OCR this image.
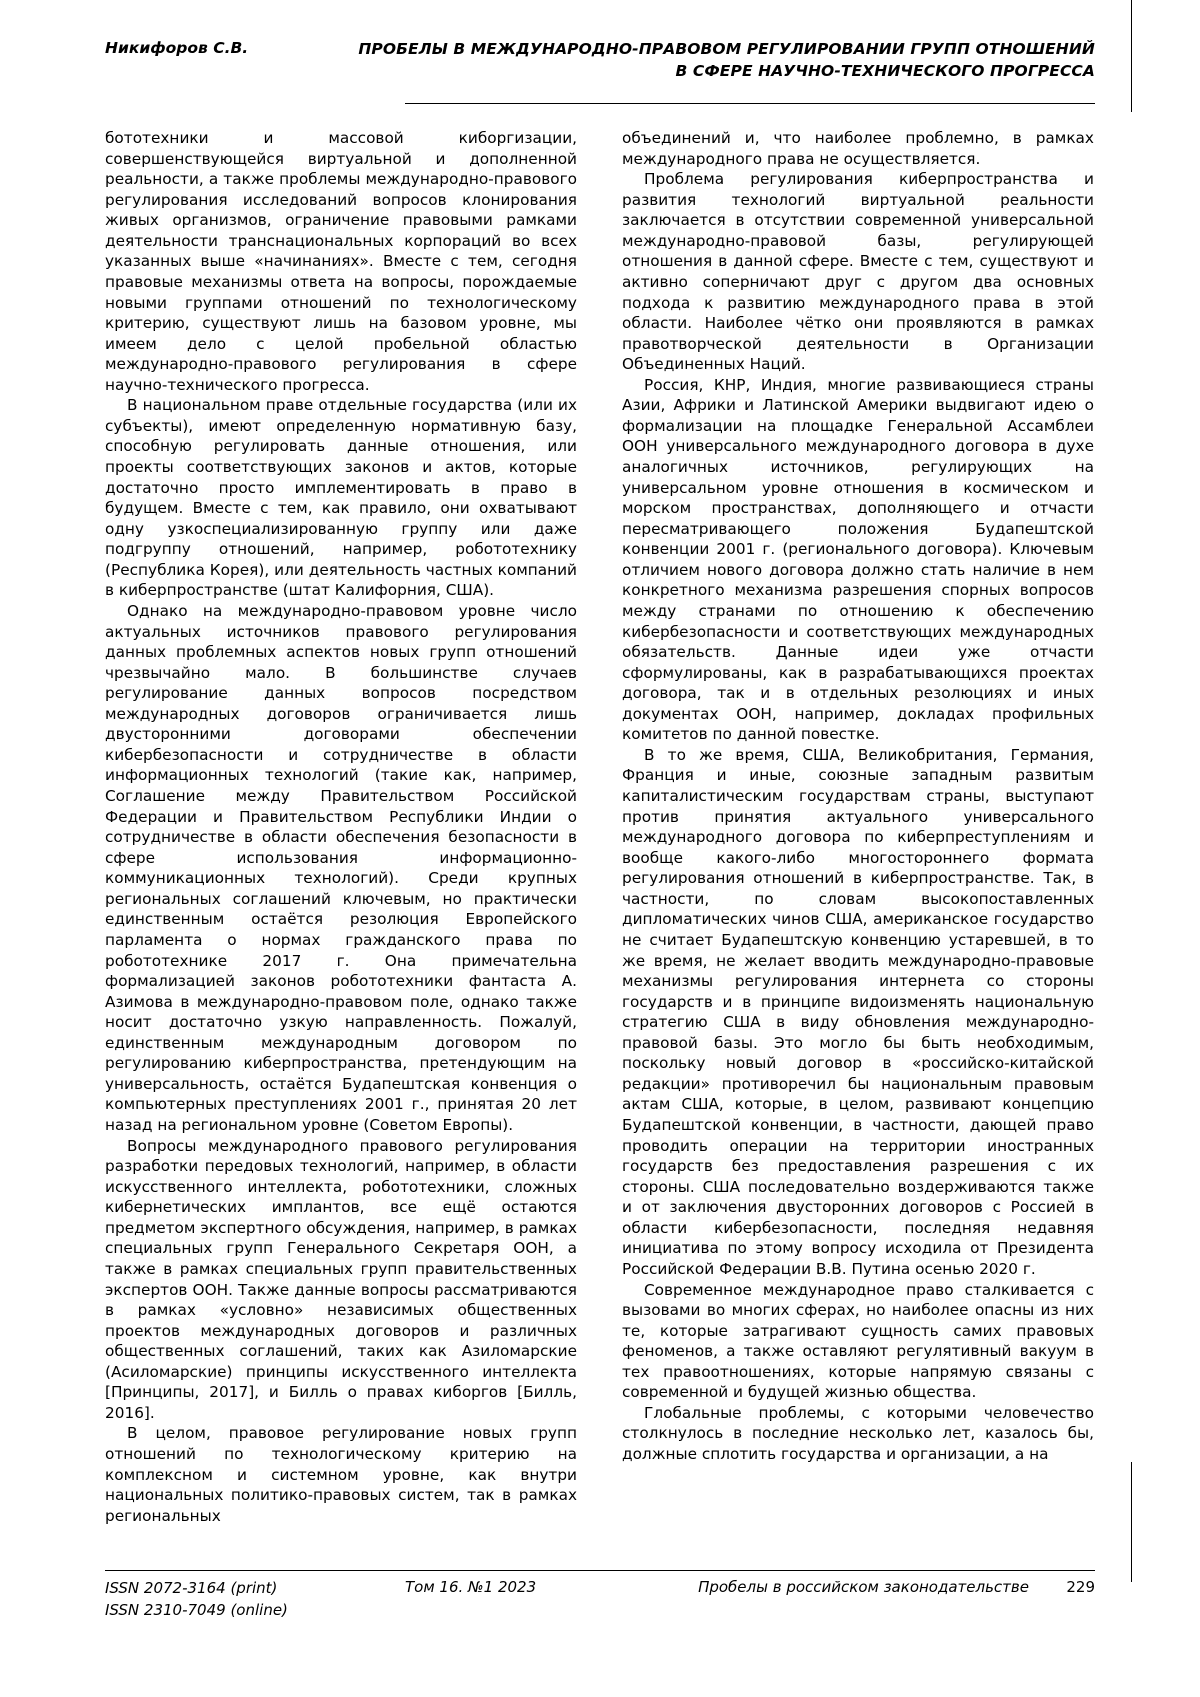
Никифоров С.В.	ПРОБЕЛЫ В МЕЖДУНАРОДНО-ПРАВОВОМ РЕГУЛИРОВАНИИ ГРУПП ОТНОШЕНИЙ
В СФЕРЕ НАУЧНО-ТЕХНИЧЕСКОГО ПРОГРЕССА

бототехники и массовой киборгизации, совершенствующейся виртуальной и дополненной реальности, а также проблемы международно-правового регулирования исследований вопросов клонирования живых организмов, ограничение правовыми рамками деятельности транснациональных корпораций во всех указанных выше «начинаниях». Вместе с тем, сегодня правовые механизмы ответа на вопросы, порождаемые новыми группами отношений по технологическому критерию, существуют лишь на базовом уровне, мы имеем дело с целой пробельной областью международно-правового регулирования в сфере научно-технического прогресса.

В национальном праве отдельные государства (или их субъекты), имеют определенную нормативную базу, способную регулировать данные отношения, или проекты соответствующих законов и актов, которые достаточно просто имплементировать в право в будущем. Вместе с тем, как правило, они охватывают одну узкоспециализированную группу или даже подгруппу отношений, например, робототехнику (Республика Корея), или деятельность частных компаний в киберпространстве (штат Калифорния, США).

Однако на международно-правовом уровне число актуальных источников правового регулирования данных проблемных аспектов новых групп отношений чрезвычайно мало. В большинстве случаев регулирование данных вопросов посредством международных договоров ограничивается лишь двусторонними договорами обеспечении кибербезопасности и сотрудничестве в области информационных технологий (такие как, например, Соглашение между Правительством Российской Федерации и Правительством Республики Индии о сотрудничестве в области обеспечения безопасности в сфере использования информационно-коммуникационных технологий). Среди крупных региональных соглашений ключевым, но практически единственным остаётся резолюция Европейского парламента о нормах гражданского права по робототехнике 2017 г. Она примечательна формализацией законов робототехники фантаста А. Азимова в международно-правовом поле, однако также носит достаточно узкую направленность. Пожалуй, единственным международным договором по регулированию киберпространства, претендующим на универсальность, остаётся Будапештская конвенция о компьютерных преступлениях 2001 г., принятая 20 лет назад на региональном уровне (Советом Европы).

Вопросы международного правового регулирования разработки передовых технологий, например, в области искусственного интеллекта, робототехники, сложных кибернетических имплантов, все ещё остаются предметом экспертного обсуждения, например, в рамках специальных групп Генерального Секретаря ООН, а также в рамках специальных групп правительственных экспертов ООН. Также данные вопросы рассматриваются в рамках «условно» независимых общественных проектов международных договоров и различных общественных соглашений, таких как Азиломарские (Асиломарские) принципы искусственного интеллекта [Принципы, 2017], и Билль о правах киборгов [Билль, 2016].

В целом, правовое регулирование новых групп отношений по технологическому критерию на комплексном и системном уровне, как внутри национальных политико-правовых систем, так в рамках региональных

объединений и, что наиболее проблемно, в рамках международного права не осуществляется.

Проблема регулирования киберпространства и развития технологий виртуальной реальности заключается в отсутствии современной универсальной международно-правовой базы, регулирующей отношения в данной сфере. Вместе с тем, существуют и активно соперничают друг с другом два основных подхода к развитию международного права в этой области. Наиболее чётко они проявляются в рамках правотворческой деятельности в Организации Объединенных Наций.

Россия, КНР, Индия, многие развивающиеся страны Азии, Африки и Латинской Америки выдвигают идею о формализации на площадке Генеральной Ассамблеи ООН универсального международного договора в духе аналогичных источников, регулирующих на универсальном уровне отношения в космическом и морском пространствах, дополняющего и отчасти пересматривающего положения Будапештской конвенции 2001 г. (регионального договора). Ключевым отличием нового договора должно стать наличие в нем конкретного механизма разрешения спорных вопросов между странами по отношению к обеспечению кибербезопасности и соответствующих международных обязательств. Данные идеи уже отчасти сформулированы, как в разрабатывающихся проектах договора, так и в отдельных резолюциях и иных документах ООН, например, докладах профильных комитетов по данной повестке.

В то же время, США, Великобритания, Германия, Франция и иные, союзные западным развитым капиталистическим государствам страны, выступают против принятия актуального универсального международного договора по киберпреступлениям и вообще какого-либо многостороннего формата регулирования отношений в киберпространстве. Так, в частности, по словам высокопоставленных дипломатических чинов США, американское государство не считает Будапештскую конвенцию устаревшей, в то же время, не желает вводить международно-правовые механизмы регулирования интернета со стороны государств и в принципе видоизменять национальную стратегию США в виду обновления международно-правовой базы. Это могло бы быть необходимым, поскольку новый договор в «российско-китайской редакции» противоречил бы национальным правовым актам США, которые, в целом, развивают концепцию Будапештской конвенции, в частности, дающей право проводить операции на территории иностранных государств без предоставления разрешения с их стороны. США последовательно воздерживаются также и от заключения двусторонних договоров с Россией в области кибербезопасности, последняя недавняя инициатива по этому вопросу исходила от Президента Российской Федерации В.В. Путина осенью 2020 г.

Современное международное право сталкивается с вызовами во многих сферах, но наиболее опасны из них те, которые затрагивают сущность самих правовых феноменов, а также оставляют регулятивный вакуум в тех правоотношениях, которые напрямую связаны с современной и будущей жизнью общества.

Глобальные проблемы, с которыми человечество столкнулось в последние несколько лет, казалось бы, должные сплотить государства и организации, а на

ISSN 2072-3164 (print)
ISSN 2310-7049 (online)
Том 16. №1 2023	Пробелы в российском законодательстве	229
